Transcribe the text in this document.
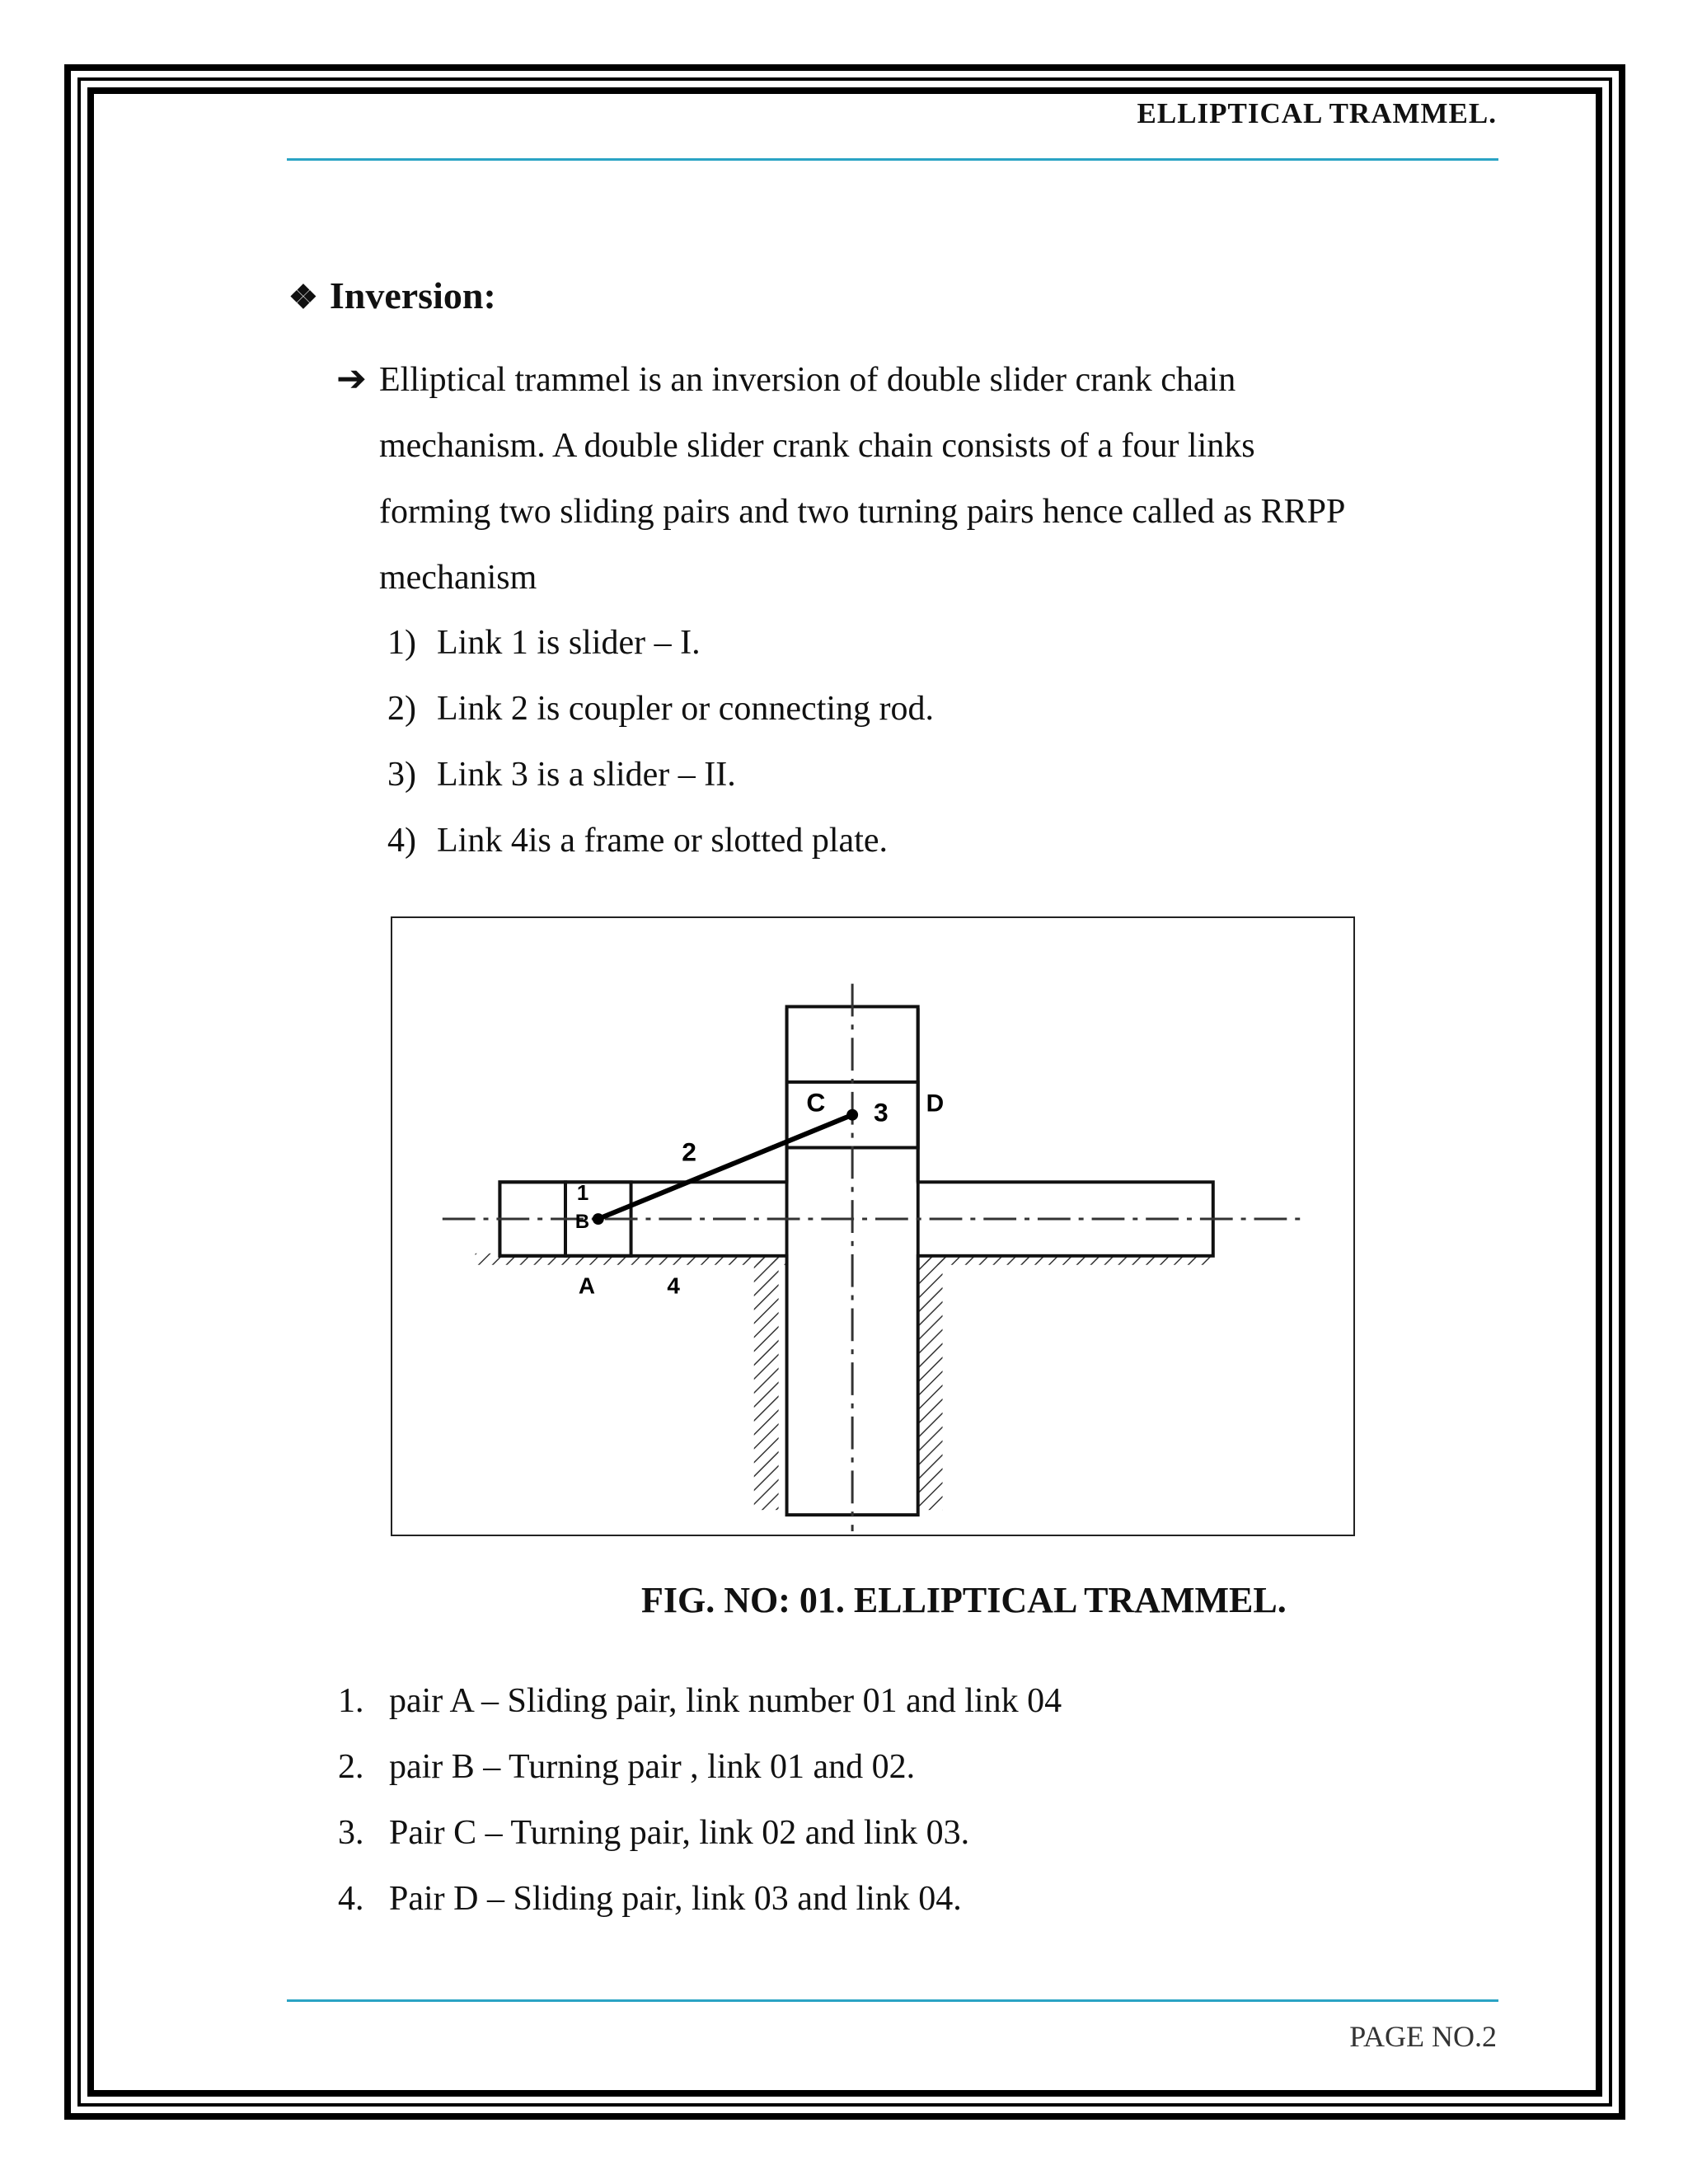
ELLIPTICAL TRAMMEL.
❖ Inversion:
➔ Elliptical trammel is an inversion of double slider crank chain
mechanism. A double slider crank chain consists of a four links
forming two sliding pairs and two turning pairs hence called as RRPP
mechanism
1) Link 1 is slider – I.
2) Link 2 is coupler or connecting rod.
3) Link 3 is a slider – II.
4) Link 4is a frame or slotted plate.
1
B
2
C 3 D
A	4
FIG. NO: 01. ELLIPTICAL TRAMMEL.
1. pair A – Sliding pair, link number 01 and link 04
2. pair B – Turning pair , link 01 and 02.
3. Pair C – Turning pair, link 02 and link 03.
4. Pair D – Sliding pair, link 03 and link 04.
PAGE NO.2
